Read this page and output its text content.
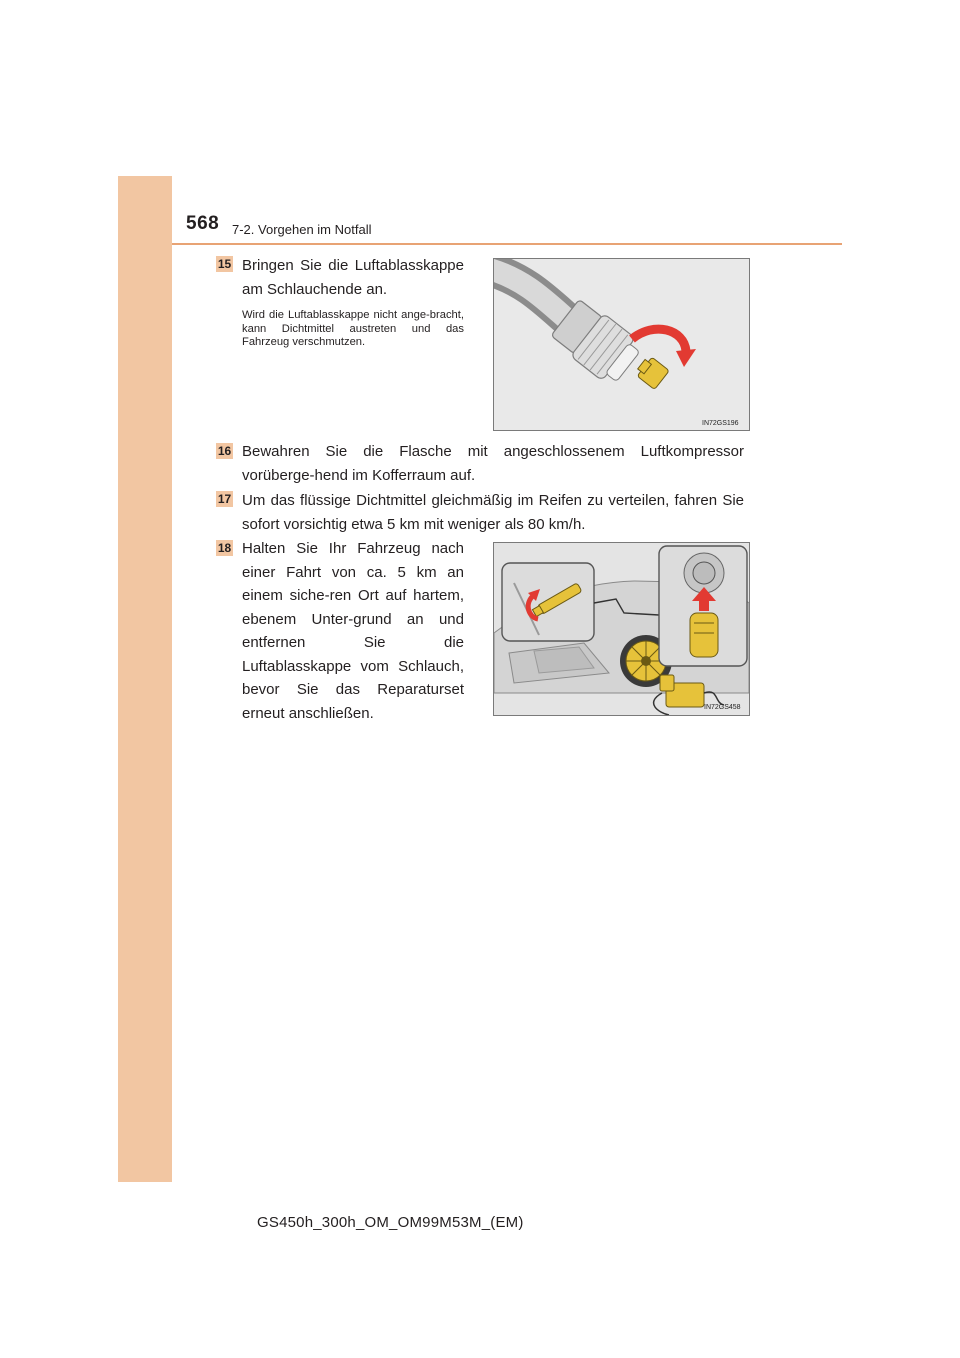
568 7-2. Vorgehen im Notfall
15 Bringen Sie die Luftablasskappe am Schlauchende an.
Wird die Luftablasskappe nicht ange-bracht, kann Dichtmittel austreten und das Fahrzeug verschmutzen.
IN72GS196
16 Bewahren Sie die Flasche mit angeschlossenem Luftkompressor vorüberge-hend im Kofferraum auf.
17 Um das flüssige Dichtmittel gleichmäßig im Reifen zu verteilen, fahren Sie sofort vorsichtig etwa 5 km mit weniger als 80 km/h.
18 Halten Sie Ihr Fahrzeug nach einer Fahrt von ca. 5 km an einem siche-ren Ort auf hartem, ebenem Unter-grund an und entfernen Sie die Luftablasskappe vom Schlauch, bevor Sie das Reparaturset erneut anschließen.	IN72GS458
GS450h_300h_OM_OM99M53M_(EM)
